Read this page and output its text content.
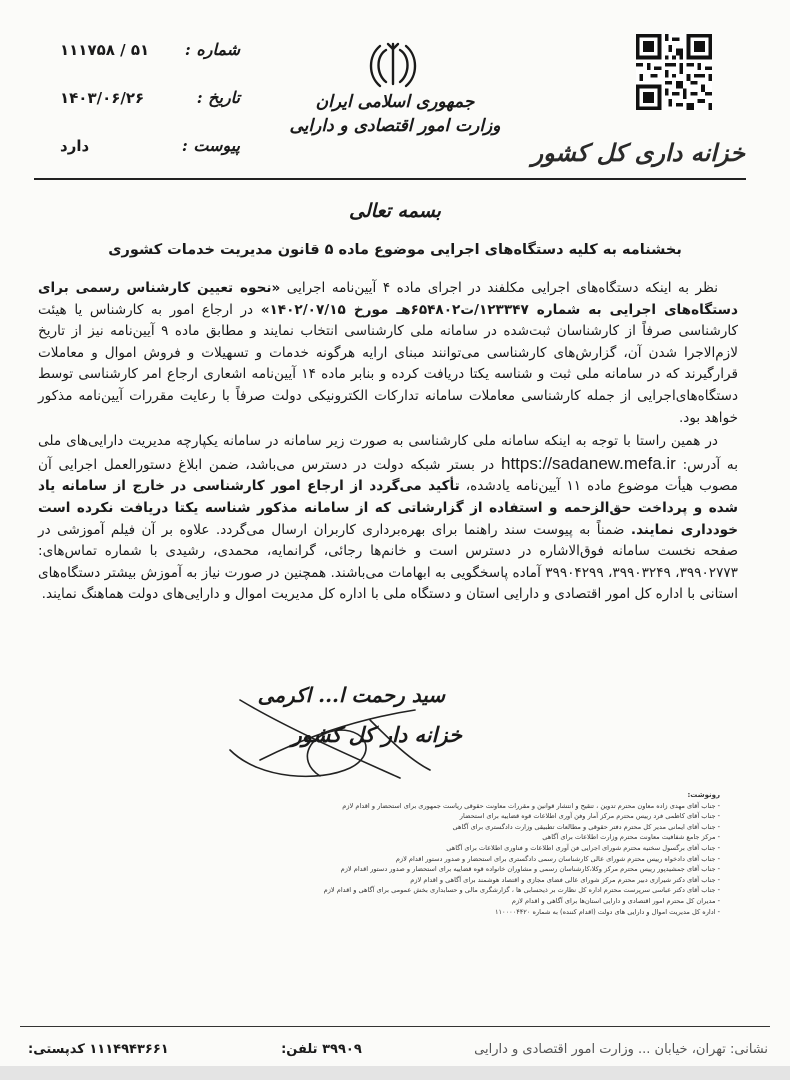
خزانه داری کل کشور
جمهوری اسلامی ایران
وزارت امور اقتصادی و دارایی
شماره :
۵۱ / ۱۱۱۷۵۸
تاریخ :
۱۴۰۳/۰۶/۲۶
پیوست :
دارد
بسمه تعالی
بخشنامه به کلیه دستگاه‌های اجرایی موضوع ماده ۵ قانون مدیریت خدمات کشوری

نظر به اینکه دستگاه‌های اجرایی مکلفند در اجرای ماده ۴ آیین‌نامه اجرایی «نحوه تعیین کارشناس رسمی برای دستگاه‌های اجرایی به شماره ۱۲۳۳۴۷/ت۶۵۴۸۰۲هـ مورخ ۱۴۰۲/۰۷/۱۵» در ارجاع امور به کارشناس یا هیئت کارشناسی صرفاً از کارشناسان ثبت‌شده در سامانه ملی کارشناسی انتخاب نمایند و مطابق ماده ۹ آیین‌نامه نیز از تاریخ لازم‌الاجرا شدن آن، گزارش‌های کارشناسی می‌توانند مبنای ارایه هرگونه خدمات و تسهیلات و فروش اموال و معاملات قرارگیرند که در سامانه ملی ثبت و شناسه یکتا دریافت کرده و بنابر ماده ۱۴ آیین‌نامه اشعاری ارجاع امر کارشناسی توسط دستگاه‌های‌اجرایی از جمله کارشناسی معاملات سامانه تدارکات الکترونیکی دولت صرفاً با رعایت مقررات آیین‌نامه مذکور خواهد بود.

در همین راستا با توجه به اینکه سامانه ملی کارشناسی به صورت زیر سامانه در سامانه یکپارچه مدیریت دارایی‌های ملی به آدرس: https://sadanew.mefa.ir در بستر شبکه دولت در دسترس می‌باشد، ضمن ابلاغ دستورالعمل اجرایی آن مصوب هیأت موضوع ماده ۱۱ آیین‌نامه یادشده، تأکید می‌گردد از ارجاع امور کارشناسی در خارج از سامانه یاد شده و پرداخت حق‌الزحمه و استفاده از گزارشاتی که از سامانه مذکور شناسه یکتا دریافت نکرده است خودداری نمایند. ضمناً به پیوست سند راهنما برای بهره‌برداری کاربران ارسال می‌گردد. علاوه بر آن فیلم آموزشی در صفحه نخست سامانه فوق‌الاشاره در دسترس است و خانم‌ها رجائی، گرانمایه، محمدی، رشیدی با شماره تماس‌های: ۳۹۹۰۲۷۷۳، ۳۹۹۰۳۲۴۹، ۳۹۹۰۴۲۹۹ آماده پاسخگویی به ابهامات می‌باشند. همچنین در صورت نیاز به آموزش بیشتر دستگاه‌های استانی با اداره کل امور اقتصادی و دارایی استان و دستگاه ملی با اداره کل مدیریت اموال و دارایی‌های دولت هماهنگ نمایند.

سید رحمت ا... اکرمی
خزانه دار کل کشور
رونوشت:
- جناب آقای مهدی زاده معاون محترم تدوین ، تنقیح و انتشار قوانین و مقررات معاونت حقوقی ریاست جمهوری برای استحضار و اقدام لازم
- جناب آقای کاظمی فرد رییس محترم مرکز آمار وفن آوری اطلاعات قوه قضاییه برای استحضار
- جناب آقای ایمانی مدیر کل محترم دفتر حقوقی و مطالعات تطبیقی وزارت دادگستری برای آگاهی
- مرکز جامع شفافیت معاونت محترم وزارت اطلاعات برای آگاهی
- جناب آقای برگسول سخنیه محترم شورای اجرایی فن آوری اطلاعات و فناوری اطلاعات برای آگاهی
- جناب آقای دادخواه رییس محترم شورای عالی کارشناسان رسمی دادگستری برای استحضار و صدور دستور اقدام لازم
- جناب آقای جمشیدپور رییس محترم مرکز وکلا،کارشناسان رسمی و مشاوران خانواده قوه قضاییه برای استحضار و صدور دستور اقدام لازم
- جناب آقای دکتر شیرازی دبیر محترم مرکز شورای عالی فضای مجازی و اقتصاد هوشمند برای آگاهی و اقدام لازم
- جناب آقای دکتر عباسی سرپرست محترم اداره کل نظارت بر ذیحسابی ها ، گزارشگری مالی و حسابداری بخش عمومی برای آگاهی و اقدام لازم
- مدیران کل محترم امور اقتصادی و دارایی استان‌ها برای آگاهی و اقدام لازم
- اداره کل مدیریت اموال و دارایی های دولت (اقدام کننده) به شماره ۱۱۰۰۰۰۴۴۲۰
۱۱۱۴۹۴۳۶۶۱ کدپستی:	۳۹۹۰۹ تلفن:	نشانی: تهران، خیابان ... وزارت امور اقتصادی و دارایی
